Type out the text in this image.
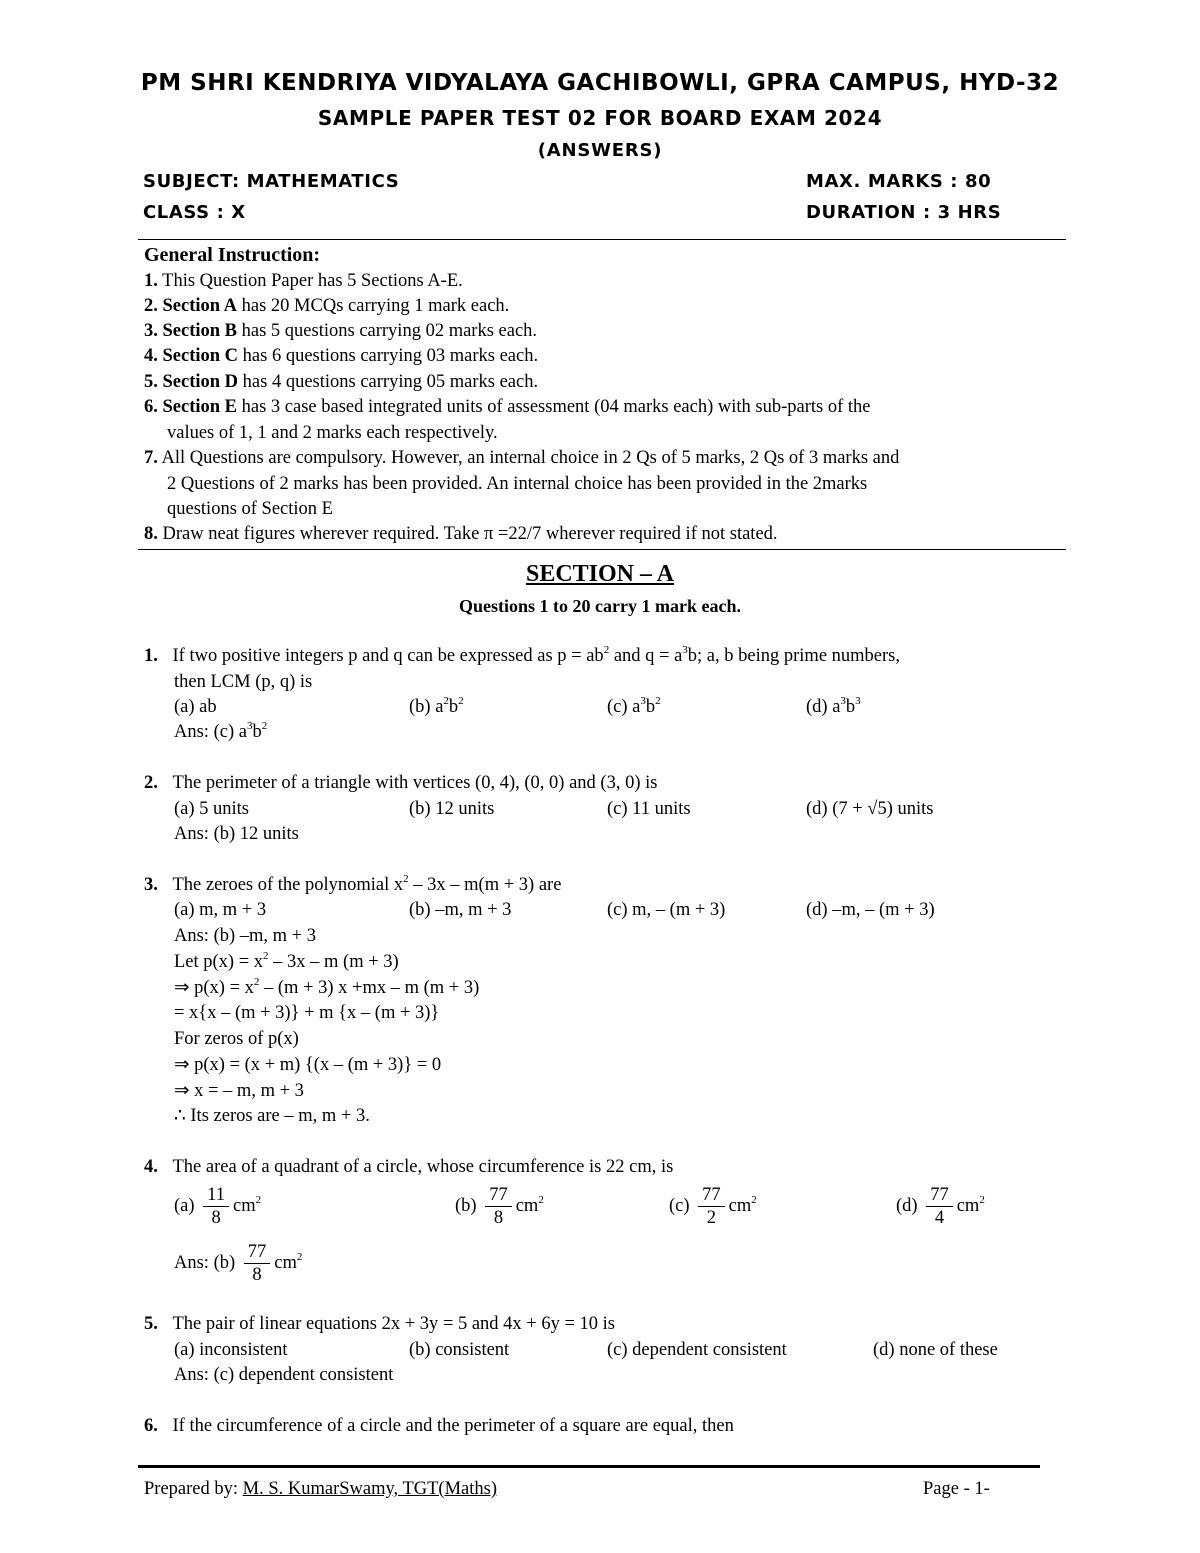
PM SHRI KENDRIYA VIDYALAYA GACHIBOWLI, GPRA CAMPUS, HYD-32
SAMPLE PAPER TEST 02 FOR BOARD EXAM 2024
(ANSWERS)
SUBJECT: MATHEMATICS	MAX. MARKS : 80
CLASS : X	DURATION : 3 HRS
General Instruction:
1. This Question Paper has 5 Sections A-E.
2. Section A has 20 MCQs carrying 1 mark each.
3. Section B has 5 questions carrying 02 marks each.
4. Section C has 6 questions carrying 03 marks each.
5. Section D has 4 questions carrying 05 marks each.
6. Section E has 3 case based integrated units of assessment (04 marks each) with sub-parts of the
values of 1, 1 and 2 marks each respectively.
7. All Questions are compulsory. However, an internal choice in 2 Qs of 5 marks, 2 Qs of 3 marks and
2 Questions of 2 marks has been provided. An internal choice has been provided in the 2marks
questions of Section E
8. Draw neat figures wherever required. Take π =22/7 wherever required if not stated.
SECTION – A
Questions 1 to 20 carry 1 mark each.
1. If two positive integers p and q can be expressed as $p = ab^2$ and $q = a^3b$; a, b being prime numbers,
then LCM (p, q) is
(a) ab	(b) $a^2b^2$	(c) $a^3b^2$	(d) $a^3b^3$
Ans: (c) $a^3b^2$
2. The perimeter of a triangle with vertices (0, 4), (0, 0) and (3, 0) is
(a) 5 units	(b) 12 units	(c) 11 units	(d) (7 + √5) units
Ans: (b) 12 units
3. The zeroes of the polynomial $x^2 - 3x - m(m + 3)$ are
(a) m, m + 3	(b) –m, m + 3	(c) m, – (m + 3)	(d) –m, – (m + 3)
Ans: (b) –m, m + 3
Let $p(x) = x^2 - 3x - m$ (m + 3)
⇒ $p(x) = x^2 - (m + 3)$ x +mx – m (m + 3)
= x{x – (m + 3)} + m {x – (m + 3)}
For zeros of p(x)
⇒ p(x) = (x + m) {(x – (m + 3)} = 0
⇒ x = – m, m + 3
∴ Its zeros are – m, m + 3.
4. The area of a quadrant of a circle, whose circumference is 22 cm, is
$(a) \frac{11}{8} cm^2$	$(b) \frac{77}{8} cm^2$	$(c) \frac{77}{2} cm^2$	$(d) \frac{77}{4} cm^2$
Ans: $(b) \frac{77}{8} cm^2$
5. The pair of linear equations 2x + 3y = 5 and 4x + 6y = 10 is
(a) inconsistent	(b) consistent	(c) dependent consistent	(d) none of these
Ans: (c) dependent consistent
6. If the circumference of a circle and the perimeter of a square are equal, then
Prepared by: M. S. KumarSwamy, TGT(Maths)	Page - 1-
